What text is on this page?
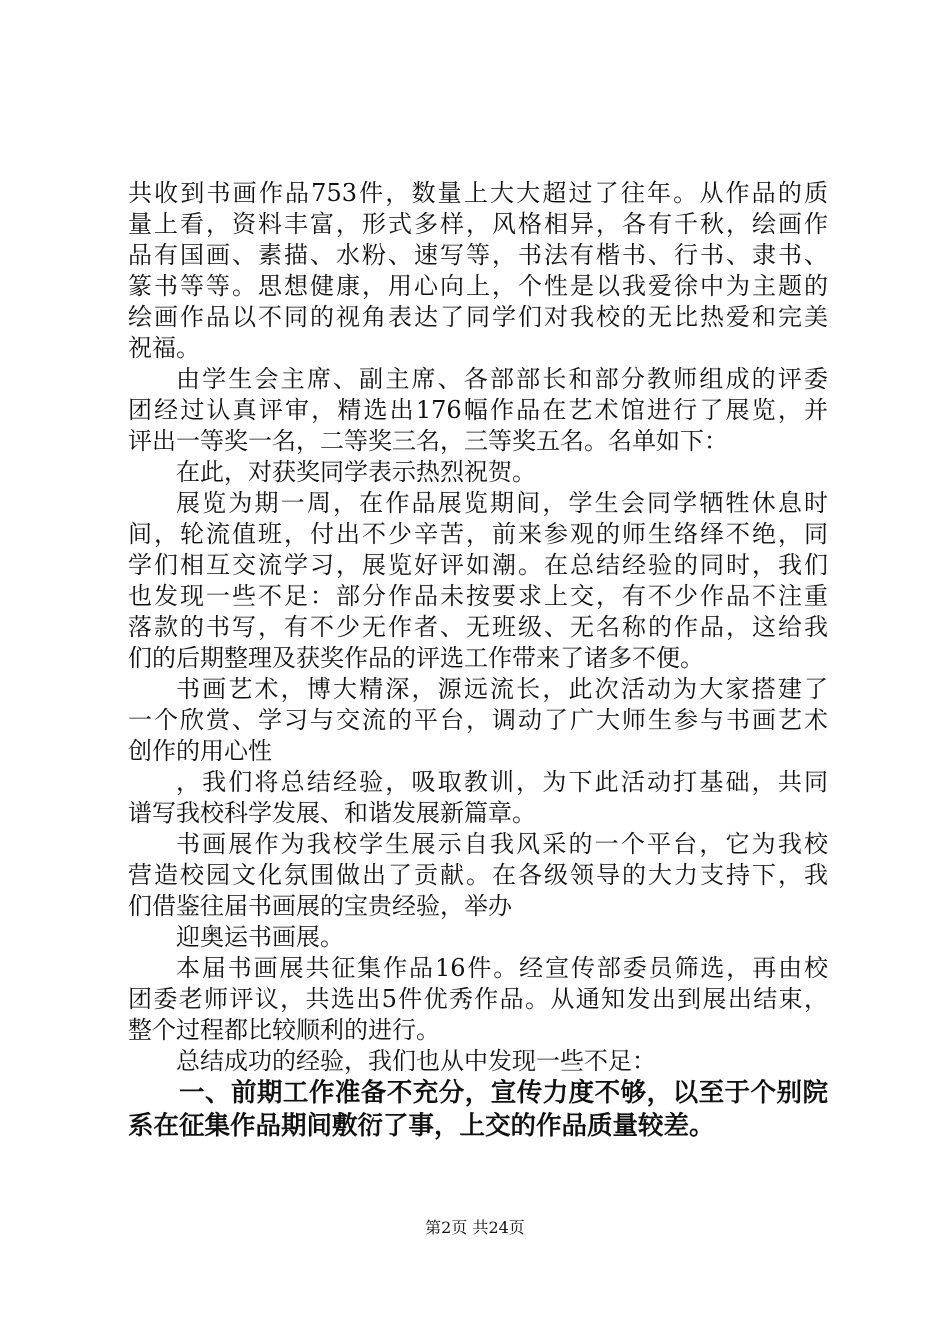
共收到书画作品753件，数量上大大超过了往年。从作品的质
量上看，资料丰富，形式多样，风格相异，各有千秋，绘画作
品有国画、素描、水粉、速写等，书法有楷书、行书、隶书、
篆书等等。思想健康，用心向上，个性是以我爱徐中为主题的
绘画作品以不同的视角表达了同学们对我校的无比热爱和完美
祝福。
由学生会主席、副主席、各部部长和部分教师组成的评委
团经过认真评审，精选出176幅作品在艺术馆进行了展览，并
评出一等奖一名，二等奖三名，三等奖五名。名单如下：
在此，对获奖同学表示热烈祝贺。
展览为期一周，在作品展览期间，学生会同学牺牲休息时
间，轮流值班，付出不少辛苦，前来参观的师生络绎不绝，同
学们相互交流学习，展览好评如潮。在总结经验的同时，我们
也发现一些不足：部分作品未按要求上交，有不少作品不注重
落款的书写，有不少无作者、无班级、无名称的作品，这给我
们的后期整理及获奖作品的评选工作带来了诸多不便。
书画艺术，博大精深，源远流长，此次活动为大家搭建了
一个欣赏、学习与交流的平台，调动了广大师生参与书画艺术
创作的用心性
，我们将总结经验，吸取教训，为下此活动打基础，共同
谱写我校科学发展、和谐发展新篇章。
书画展作为我校学生展示自我风采的一个平台，它为我校
营造校园文化氛围做出了贡献。在各级领导的大力支持下，我
们借鉴往届书画展的宝贵经验，举办
迎奥运书画展。
本届书画展共征集作品16件。经宣传部委员筛选，再由校
团委老师评议，共选出5件优秀作品。从通知发出到展出结束，
整个过程都比较顺利的进行。
总结成功的经验，我们也从中发现一些不足：
一、前期工作准备不充分，宣传力度不够，以至于个别院
系在征集作品期间敷衍了事，上交的作品质量较差。
第2页 共24页
